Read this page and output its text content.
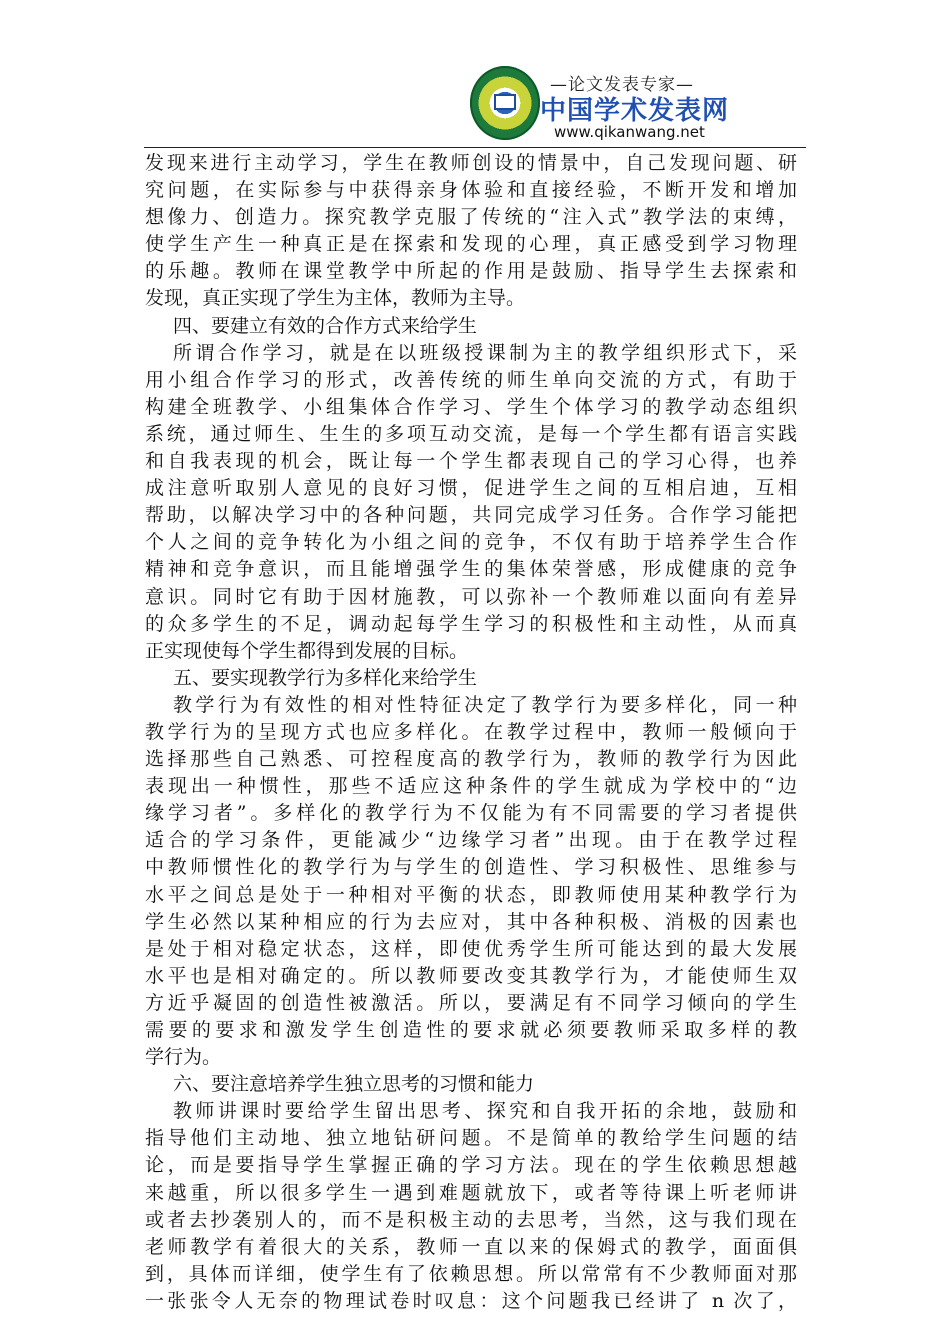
—论文发表专家—
中国学术发表网
www.qikanwang.net
发现来进行主动学习，学生在教师创设的情景中，自己发现问题、研
究问题，在实际参与中获得亲身体验和直接经验，不断开发和增加
想像力、创造力。探究教学克服了传统的“注入式”教学法的束缚，
使学生产生一种真正是在探索和发现的心理，真正感受到学习物理
的乐趣。教师在课堂教学中所起的作用是鼓励、指导学生去探索和
发现，真正实现了学生为主体，教师为主导。
四、要建立有效的合作方式来给学生
所谓合作学习，就是在以班级授课制为主的教学组织形式下，采
用小组合作学习的形式，改善传统的师生单向交流的方式，有助于
构建全班教学、小组集体合作学习、学生个体学习的教学动态组织
系统，通过师生、生生的多项互动交流，是每一个学生都有语言实践
和自我表现的机会，既让每一个学生都表现自己的学习心得，也养
成注意听取别人意见的良好习惯，促进学生之间的互相启迪，互相
帮助，以解决学习中的各种问题，共同完成学习任务。合作学习能把
个人之间的竞争转化为小组之间的竞争，不仅有助于培养学生合作
精神和竞争意识，而且能增强学生的集体荣誉感，形成健康的竞争
意识。同时它有助于因材施教，可以弥补一个教师难以面向有差异
的众多学生的不足，调动起每学生学习的积极性和主动性，从而真
正实现使每个学生都得到发展的目标。
五、要实现教学行为多样化来给学生
教学行为有效性的相对性特征决定了教学行为要多样化，同一种
教学行为的呈现方式也应多样化。在教学过程中，教师一般倾向于
选择那些自己熟悉、可控程度高的教学行为，教师的教学行为因此
表现出一种惯性，那些不适应这种条件的学生就成为学校中的“边
缘学习者”。多样化的教学行为不仅能为有不同需要的学习者提供
适合的学习条件，更能减少“边缘学习者”出现。由于在教学过程
中教师惯性化的教学行为与学生的创造性、学习积极性、思维参与
水平之间总是处于一种相对平衡的状态，即教师使用某种教学行为
学生必然以某种相应的行为去应对，其中各种积极、消极的因素也
是处于相对稳定状态，这样，即使优秀学生所可能达到的最大发展
水平也是相对确定的。所以教师要改变其教学行为，才能使师生双
方近乎凝固的创造性被激活。所以，要满足有不同学习倾向的学生
需要的要求和激发学生创造性的要求就必须要教师采取多样的教
学行为。
六、要注意培养学生独立思考的习惯和能力
教师讲课时要给学生留出思考、探究和自我开拓的余地，鼓励和
指导他们主动地、独立地钻研问题。不是简单的教给学生问题的结
论，而是要指导学生掌握正确的学习方法。现在的学生依赖思想越
来越重，所以很多学生一遇到难题就放下，或者等待课上听老师讲
或者去抄袭别人的，而不是积极主动的去思考，当然，这与我们现在
老师教学有着很大的关系，教师一直以来的保姆式的教学，面面俱
到，具体而详细，使学生有了依赖思想。所以常常有不少教师面对那
一张张令人无奈的物理试卷时叹息：这个问题我已经讲了 n 次了，
